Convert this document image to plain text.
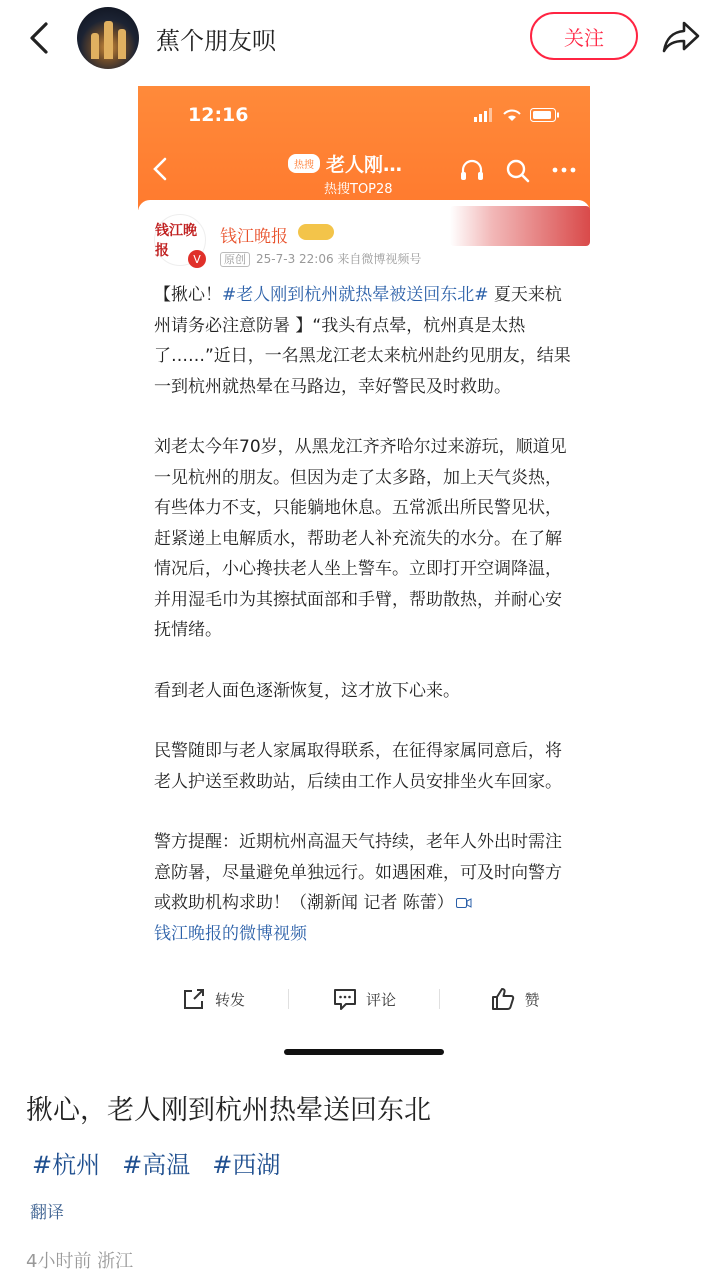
蕉个朋友呗	关注
12:16
热搜 老人刚…
热搜TOP28
钱江晚报	V
钱江晚报
原创 25-7-3 22:06 来自微博视频号

【揪心！#老人刚到杭州就热晕被送回东北# 夏天来杭州请务必注意防暑 】“我头有点晕，杭州真是太热了……”近日，一名黑龙江老太来杭州赴约见朋友，结果一到杭州就热晕在马路边，幸好警民及时救助。

刘老太今年70岁，从黑龙江齐齐哈尔过来游玩，顺道见一见杭州的朋友。但因为走了太多路，加上天气炎热，有些体力不支，只能躺地休息。五常派出所民警见状，赶紧递上电解质水，帮助老人补充流失的水分。在了解情况后，小心搀扶老人坐上警车。立即打开空调降温，并用湿毛巾为其擦拭面部和手臂，帮助散热，并耐心安抚情绪。

看到老人面色逐渐恢复，这才放下心来。

民警随即与老人家属取得联系，在征得家属同意后，将老人护送至救助站，后续由工作人员安排坐火车回家。

警方提醒：近期杭州高温天气持续，老年人外出时需注意防暑，尽量避免单独远行。如遇困难，可及时向警方或救助机构求助！（潮新闻 记者 陈蕾）
钱江晚报的微博视频

转发	评论	赞
揪心，老人刚到杭州热晕送回东北
#杭州 #高温 #西湖
翻译
4小时前 浙江
